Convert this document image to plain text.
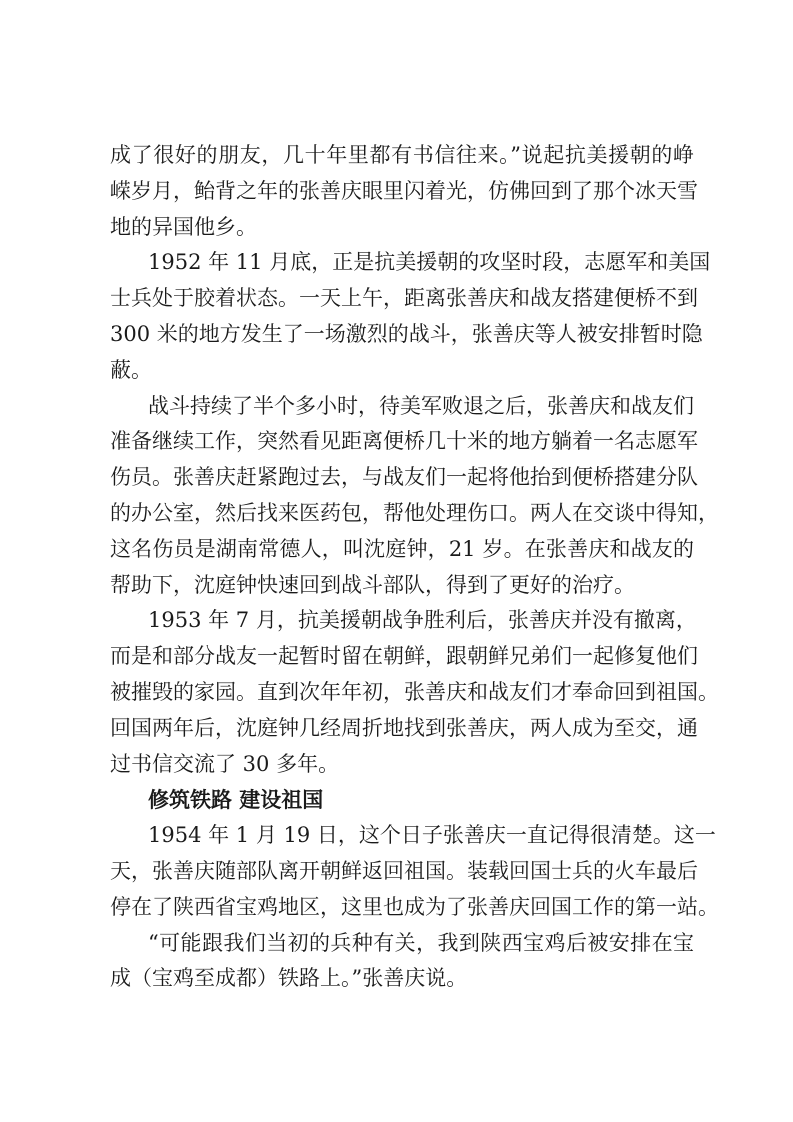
成了很好的朋友，几十年里都有书信往来。”说起抗美援朝的峥
嵘岁月，鲐背之年的张善庆眼里闪着光，仿佛回到了那个冰天雪
地的异国他乡。
1952 年 11 月底，正是抗美援朝的攻坚时段，志愿军和美国
士兵处于胶着状态。一天上午，距离张善庆和战友搭建便桥不到
300 米的地方发生了一场激烈的战斗，张善庆等人被安排暂时隐
蔽。
战斗持续了半个多小时，待美军败退之后，张善庆和战友们
准备继续工作，突然看见距离便桥几十米的地方躺着一名志愿军
伤员。张善庆赶紧跑过去，与战友们一起将他抬到便桥搭建分队
的办公室，然后找来医药包，帮他处理伤口。两人在交谈中得知，
这名伤员是湖南常德人，叫沈庭钟，21 岁。在张善庆和战友的
帮助下，沈庭钟快速回到战斗部队，得到了更好的治疗。
1953 年 7 月，抗美援朝战争胜利后，张善庆并没有撤离，
而是和部分战友一起暂时留在朝鲜，跟朝鲜兄弟们一起修复他们
被摧毁的家园。直到次年年初，张善庆和战友们才奉命回到祖国。
回国两年后，沈庭钟几经周折地找到张善庆，两人成为至交，通
过书信交流了 30 多年。
修筑铁路 建设祖国
1954 年 1 月 19 日，这个日子张善庆一直记得很清楚。这一
天，张善庆随部队离开朝鲜返回祖国。装载回国士兵的火车最后
停在了陕西省宝鸡地区，这里也成为了张善庆回国工作的第一站。
“可能跟我们当初的兵种有关，我到陕西宝鸡后被安排在宝
成（宝鸡至成都）铁路上。”张善庆说。
